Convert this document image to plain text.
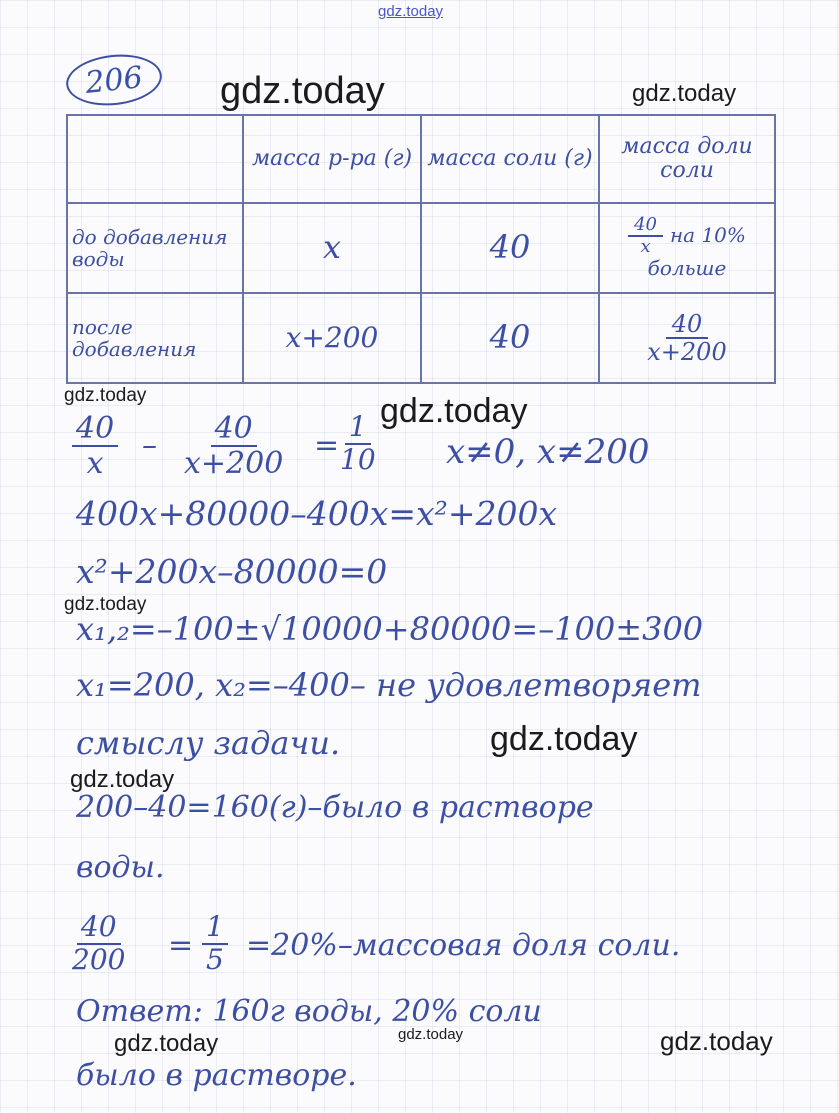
gdz.today
gdz.today	gdz.today
gdz.today	gdz.today
gdz.today
gdz.today
gdz.today
gdz.today	gdz.today	gdz.today
206
	масса р-ра (г)	масса соли (г)	массa доли соли
до добавления воды	x	40	$\frac{40}{x}$ на 10% больше
после добавления	x+200	40	$\frac{40}{x+200}$
$\frac{40}{x} - \frac{40}{x+200} = \frac{1}{10} x\ne 0$, x≠200
400x+80000–400x=x²+200x
x²+200x–80000=0
x₁,₂=–100±√10000+80000=–100±300
x₁=200, x₂=–400– не удовлетворяет
смыслу задачи.
200–40=160(г)–было в растворе
воды.
$\frac{40}{200} = \frac{1}{5}$ =20%–массовая доля соли.
Ответ: 160г воды, 20% соли
было в растворе.
